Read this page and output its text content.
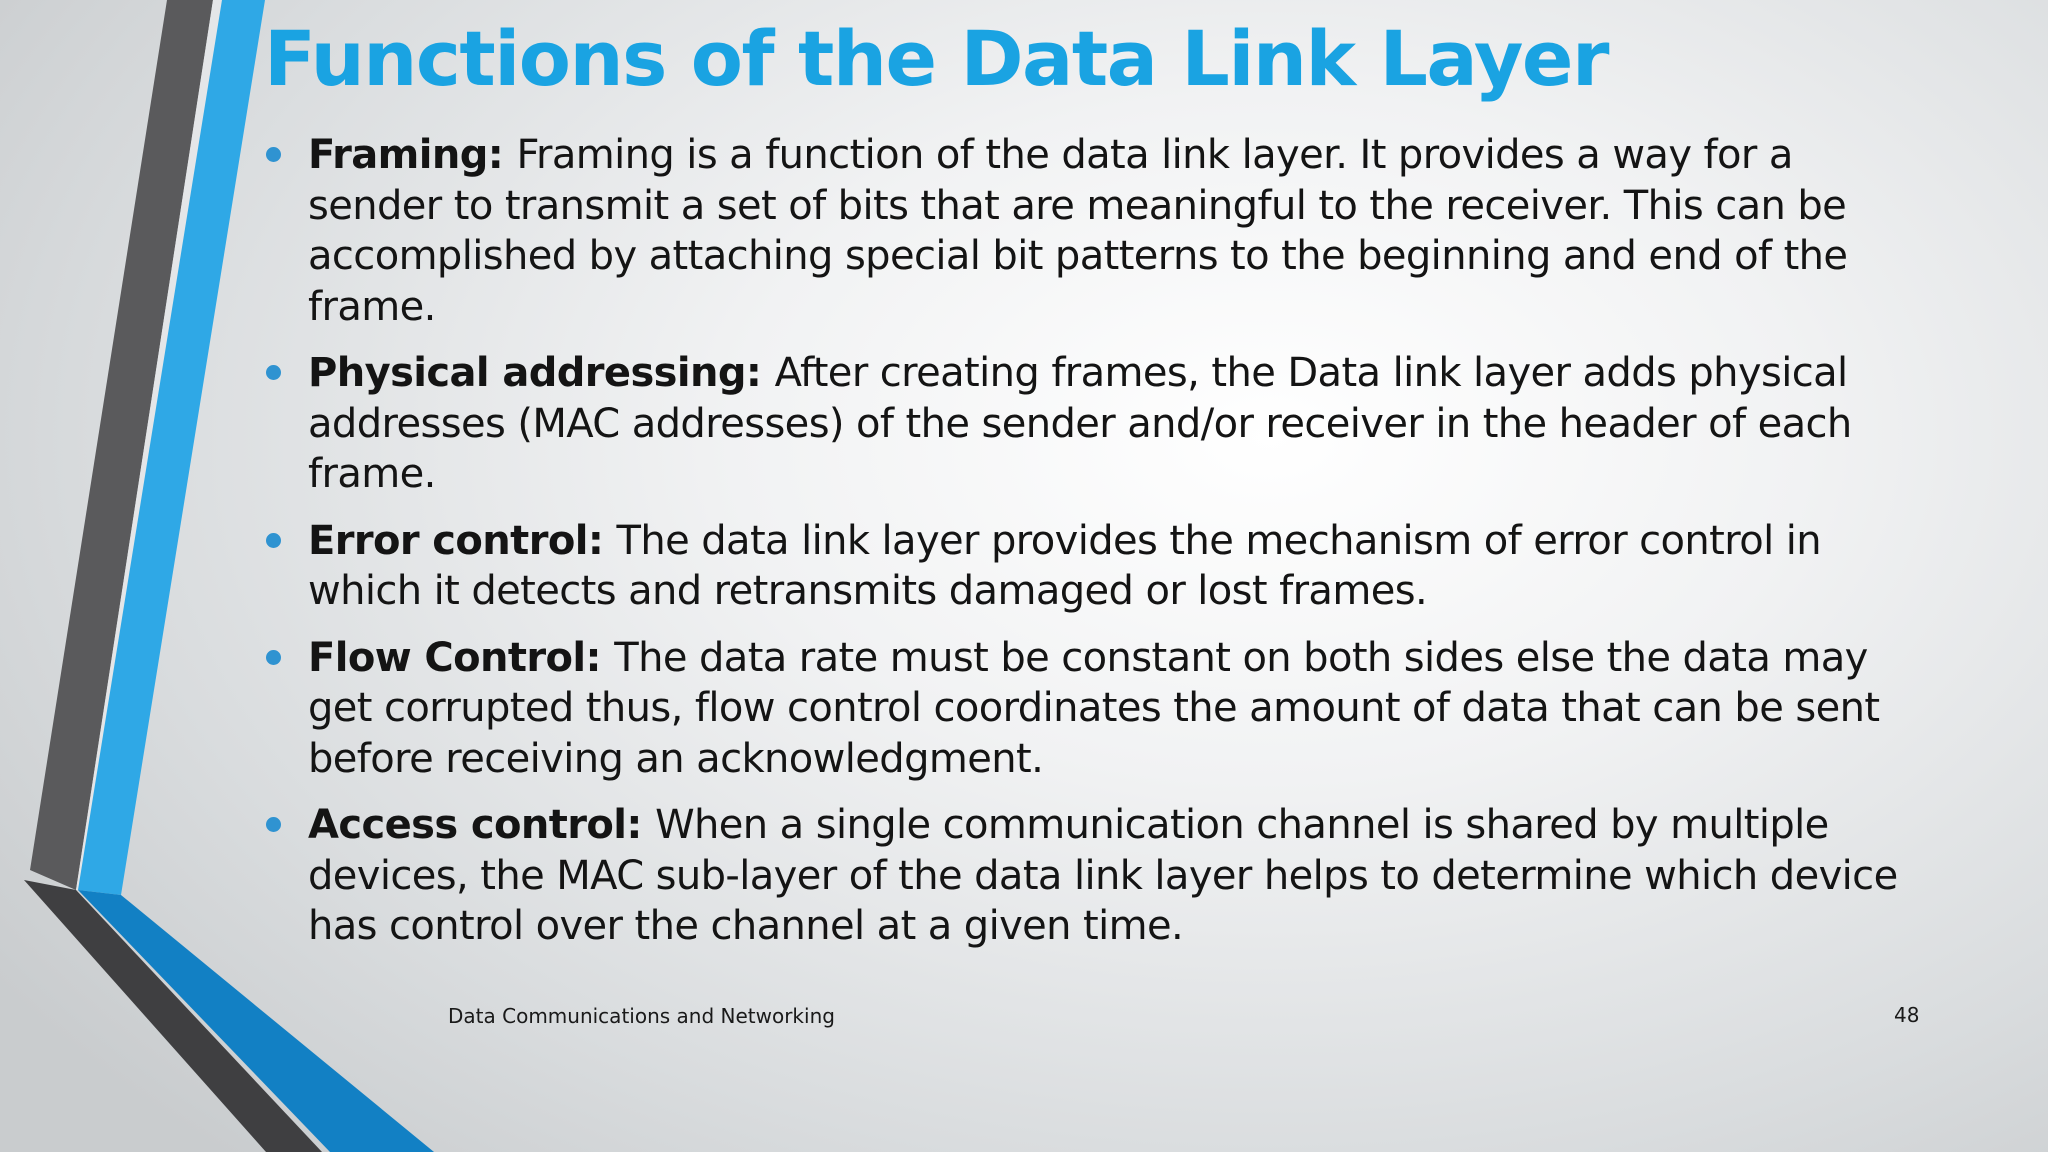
Functions of the Data Link Layer
Framing: Framing is a function of the data link layer. It provides a way for a sender to transmit a set of bits that are meaningful to the receiver. This can be accomplished by attaching special bit patterns to the beginning and end of the frame.
Physical addressing: After creating frames, the Data link layer adds physical addresses (MAC addresses) of the sender and/or receiver in the header of each frame.
Error control: The data link layer provides the mechanism of error control in which it detects and retransmits damaged or lost frames.
Flow Control: The data rate must be constant on both sides else the data may get corrupted thus, flow control coordinates the amount of data that can be sent before receiving an acknowledgment.
Access control: When a single communication channel is shared by multiple devices, the MAC sub-layer of the data link layer helps to determine which device has control over the channel at a given time.
Data Communications and Networking	48
